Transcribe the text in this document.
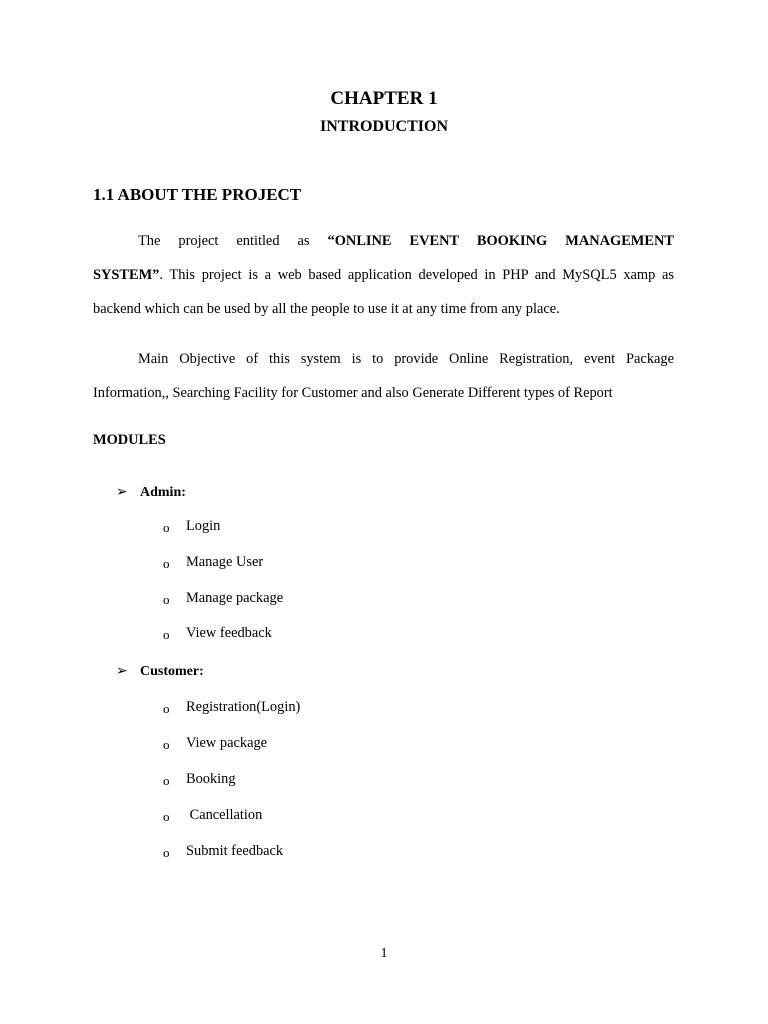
CHAPTER 1
INTRODUCTION
1.1 ABOUT THE PROJECT

The project entitled as “ONLINE EVENT BOOKING MANAGEMENT

SYSTEM”. This project is a web based application developed in PHP and MySQL5 xamp as

backend which can be used by all the people to use it at any time from any place.

Main Objective of this system is to provide Online Registration, event Package

Information,, Searching Facility for Customer and also Generate Different types of Report

MODULES
➢ Admin:
o Login
o Manage User
o Manage package
o View feedback
➢ Customer:
o Registration(Login)
o View package
o Booking
o Cancellation
o Submit feedback
1
